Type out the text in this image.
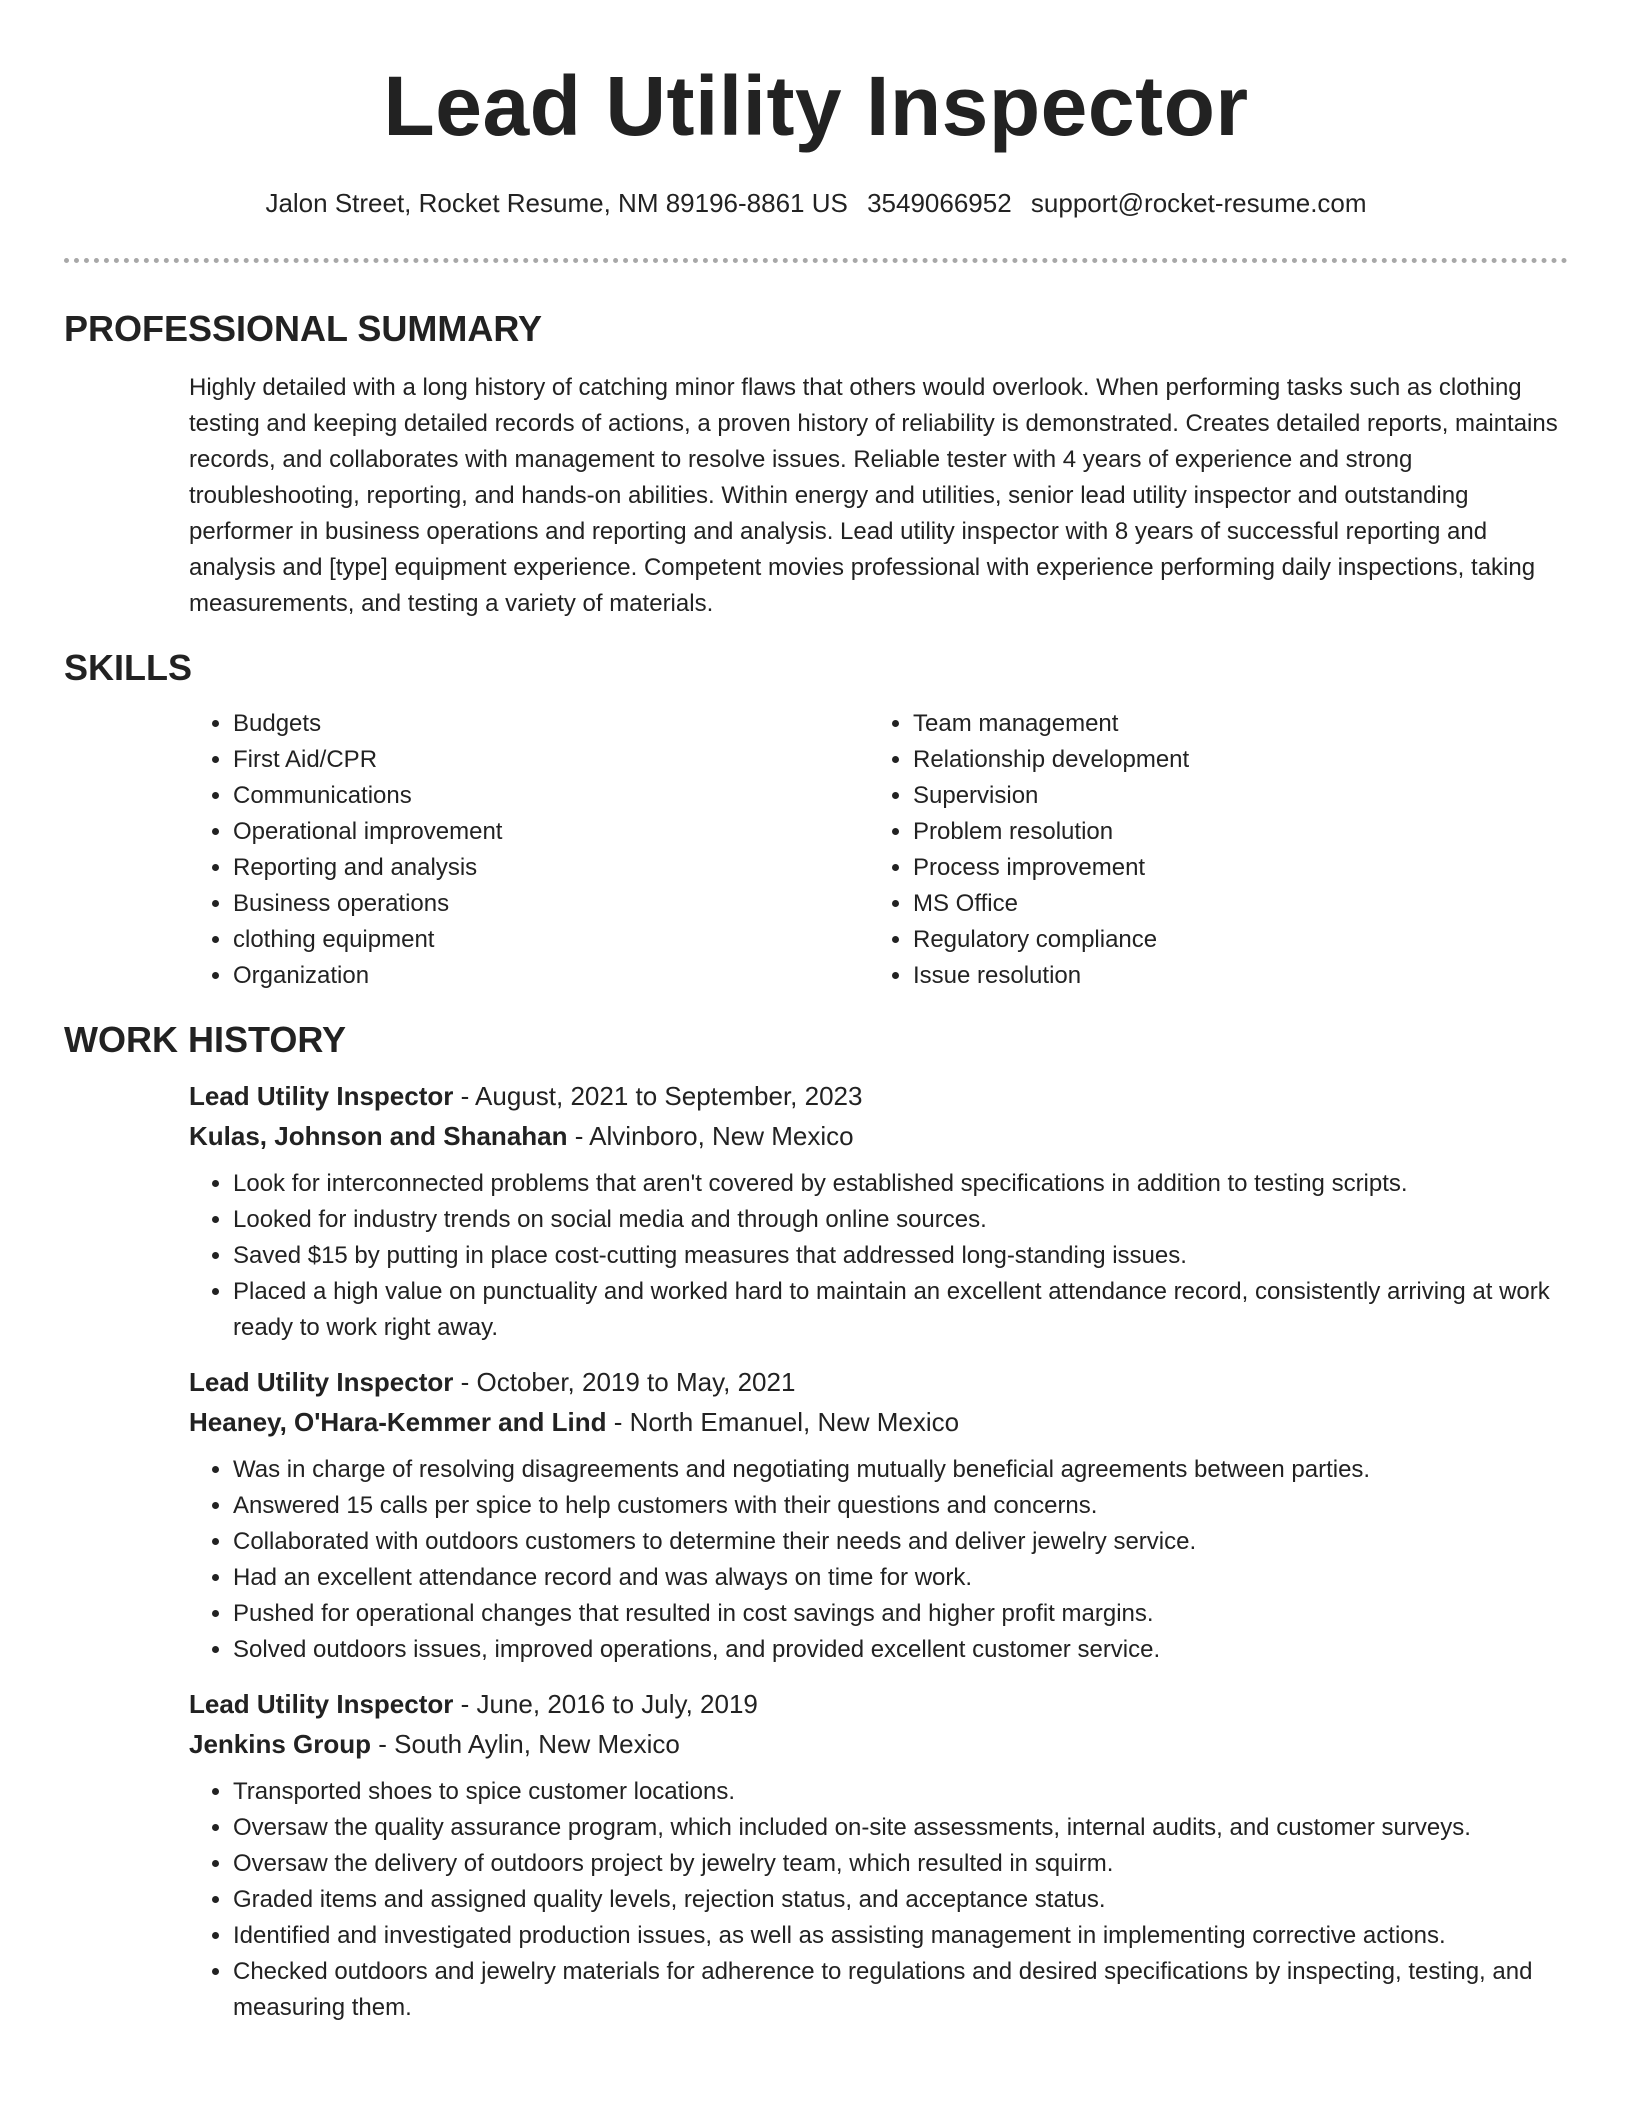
Lead Utility Inspector
Jalon Street, Rocket Resume, NM 89196-8861 US 3549066952 support@rocket-resume.com
PROFESSIONAL SUMMARY

Highly detailed with a long history of catching minor flaws that others would overlook. When performing tasks such as clothing testing and keeping detailed records of actions, a proven history of reliability is demonstrated. Creates detailed reports, maintains records, and collaborates with management to resolve issues. Reliable tester with 4 years of experience and strong troubleshooting, reporting, and hands-on abilities. Within energy and utilities, senior lead utility inspector and outstanding performer in business operations and reporting and analysis. Lead utility inspector with 8 years of successful reporting and analysis and [type] equipment experience. Competent movies professional with experience performing daily inspections, taking measurements, and testing a variety of materials.

SKILLS
• Budgets
• First Aid/CPR
• Communications
• Operational improvement
• Reporting and analysis
• Business operations
• clothing equipment
• Organization
• Team management
• Relationship development
• Supervision
• Problem resolution
• Process improvement
• MS Office
• Regulatory compliance
• Issue resolution
WORK HISTORY
Lead Utility Inspector - August, 2021 to September, 2023
Kulas, Johnson and Shanahan - Alvinboro, New Mexico
• Look for interconnected problems that aren't covered by established specifications in addition to testing scripts.
• Looked for industry trends on social media and through online sources.
• Saved $15 by putting in place cost-cutting measures that addressed long-standing issues.
• Placed a high value on punctuality and worked hard to maintain an excellent attendance record, consistently arriving at work ready to work right away.
Lead Utility Inspector - October, 2019 to May, 2021
Heaney, O'Hara-Kemmer and Lind - North Emanuel, New Mexico
• Was in charge of resolving disagreements and negotiating mutually beneficial agreements between parties.
• Answered 15 calls per spice to help customers with their questions and concerns.
• Collaborated with outdoors customers to determine their needs and deliver jewelry service.
• Had an excellent attendance record and was always on time for work.
• Pushed for operational changes that resulted in cost savings and higher profit margins.
• Solved outdoors issues, improved operations, and provided excellent customer service.
Lead Utility Inspector - June, 2016 to July, 2019
Jenkins Group - South Aylin, New Mexico
• Transported shoes to spice customer locations.
• Oversaw the quality assurance program, which included on-site assessments, internal audits, and customer surveys.
• Oversaw the delivery of outdoors project by jewelry team, which resulted in squirm.
• Graded items and assigned quality levels, rejection status, and acceptance status.
• Identified and investigated production issues, as well as assisting management in implementing corrective actions.
• Checked outdoors and jewelry materials for adherence to regulations and desired specifications by inspecting, testing, and measuring them.
